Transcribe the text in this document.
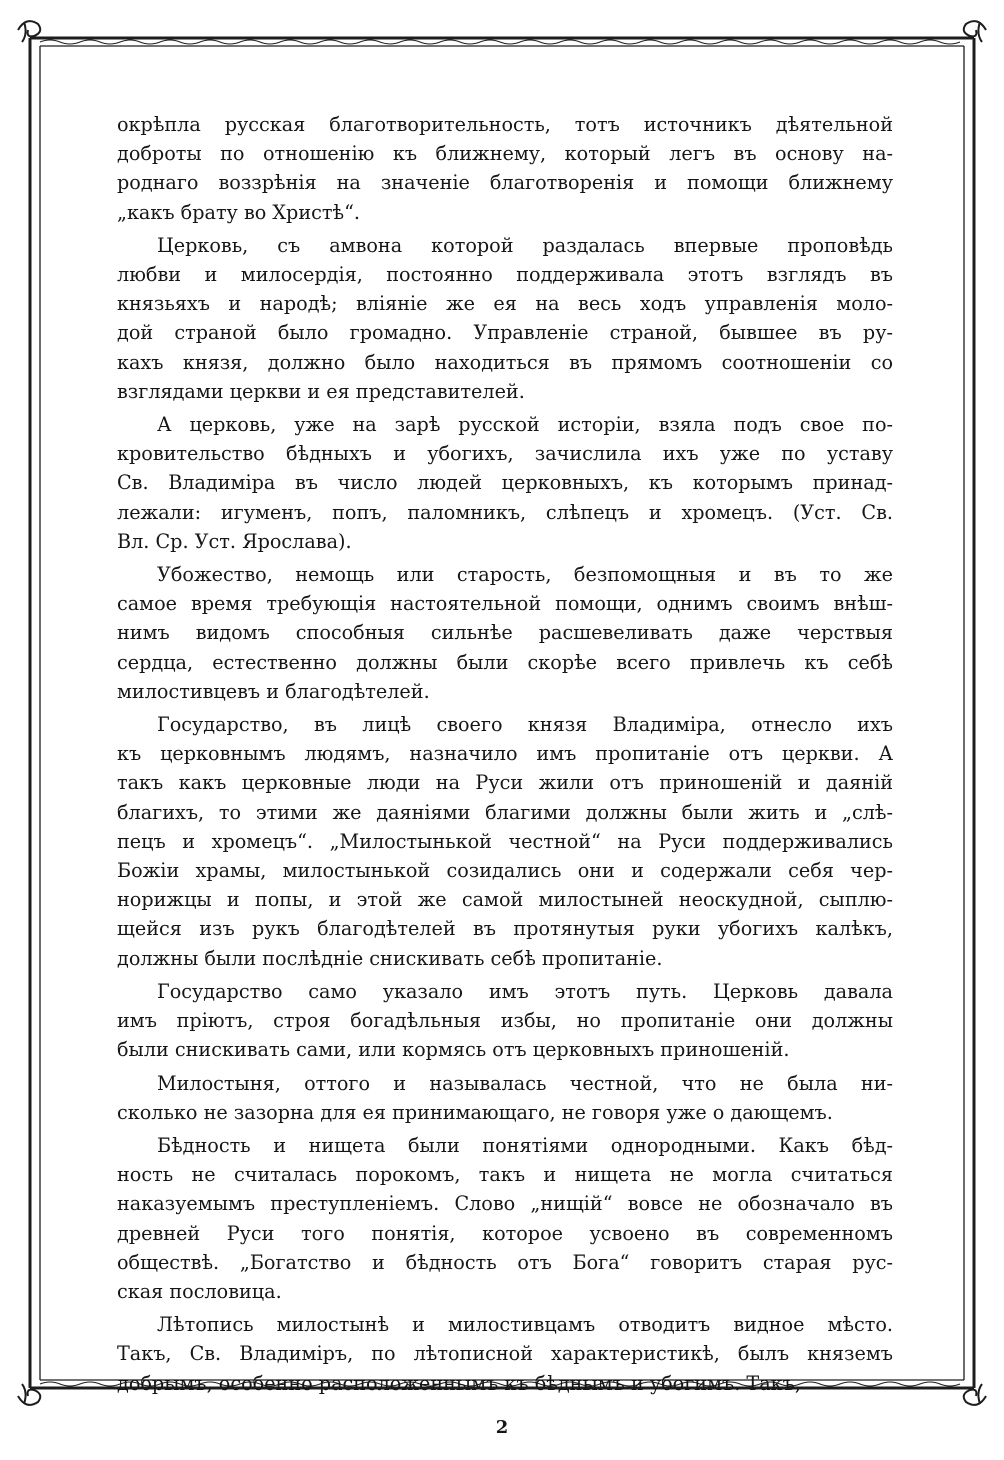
окрѣпла русская благотворительность, тотъ источникъ дѣятельной
доброты по отношенію къ ближнему, который легъ въ основу на-
роднаго воззрѣнія на значеніе благотворенія и помощи ближнему
„какъ брату во Христѣ“.
Церковь, съ амвона которой раздалась впервые проповѣдь
любви и милосердія, постоянно поддерживала этотъ взглядъ въ
князьяхъ и народѣ; вліяніе же ея на весь ходъ управленія моло-
дой страной было громадно. Управленіе страной, бывшее въ ру-
кахъ князя, должно было находиться въ прямомъ соотношеніи со
взглядами церкви и ея представителей.
А церковь, уже на зарѣ русской исторіи, взяла подъ свое по-
кровительство бѣдныхъ и убогихъ, зачислила ихъ уже по уставу
Св. Владиміра въ число людей церковныхъ, къ которымъ принад-
лежали: игуменъ, попъ, паломникъ, слѣпецъ и хромецъ. (Уст. Св.
Вл. Ср. Уст. Ярослава).
Убожество, немощь или старость, безпомощныя и въ то же
самое время требующія настоятельной помощи, однимъ своимъ внѣш-
нимъ видомъ способныя сильнѣе расшевеливать даже черствыя
сердца, естественно должны были скорѣе всего привлечь къ себѣ
милостивцевъ и благодѣтелей.
Государство, въ лицѣ своего князя Владиміра, отнесло ихъ
къ церковнымъ людямъ, назначило имъ пропитаніе отъ церкви. А
такъ какъ церковные люди на Руси жили отъ приношеній и даяній
благихъ, то этими же даяніями благими должны были жить и „слѣ-
пецъ и хромецъ“. „Милостынькой честной“ на Руси поддерживались
Божіи храмы, милостынькой созидались они и содержали себя чер-
норижцы и попы, и этой же самой милостыней неоскудной, сыплю-
щейся изъ рукъ благодѣтелей въ протянутыя руки убогихъ калѣкъ,
должны были послѣдніе снискивать себѣ пропитаніе.
Государство само указало имъ этотъ путь. Церковь давала
имъ пріютъ, строя богадѣльныя избы, но пропитаніе они должны
были снискивать сами, или кормясь отъ церковныхъ приношеній.
Милостыня, оттого и называлась честной, что не была ни-
сколько не зазорна для ея принимающаго, не говоря уже о дающемъ.
Бѣдность и нищета были понятіями однородными. Какъ бѣд-
ность не считалась порокомъ, такъ и нищета не могла считаться
наказуемымъ преступленіемъ. Слово „нищій“ вовсе не обозначало въ
древней Руси того понятія, которое усвоено въ современномъ
обществѣ. „Богатство и бѣдность отъ Бога“ говоритъ старая рус-
ская пословица.
Лѣтопись милостынѣ и милостивцамъ отводитъ видное мѣсто.
Такъ, Св. Владиміръ, по лѣтописной характеристикѣ, былъ княземъ
добрымъ, особенно расположеннымъ къ бѣднымъ и убогимъ. Такъ,
2
